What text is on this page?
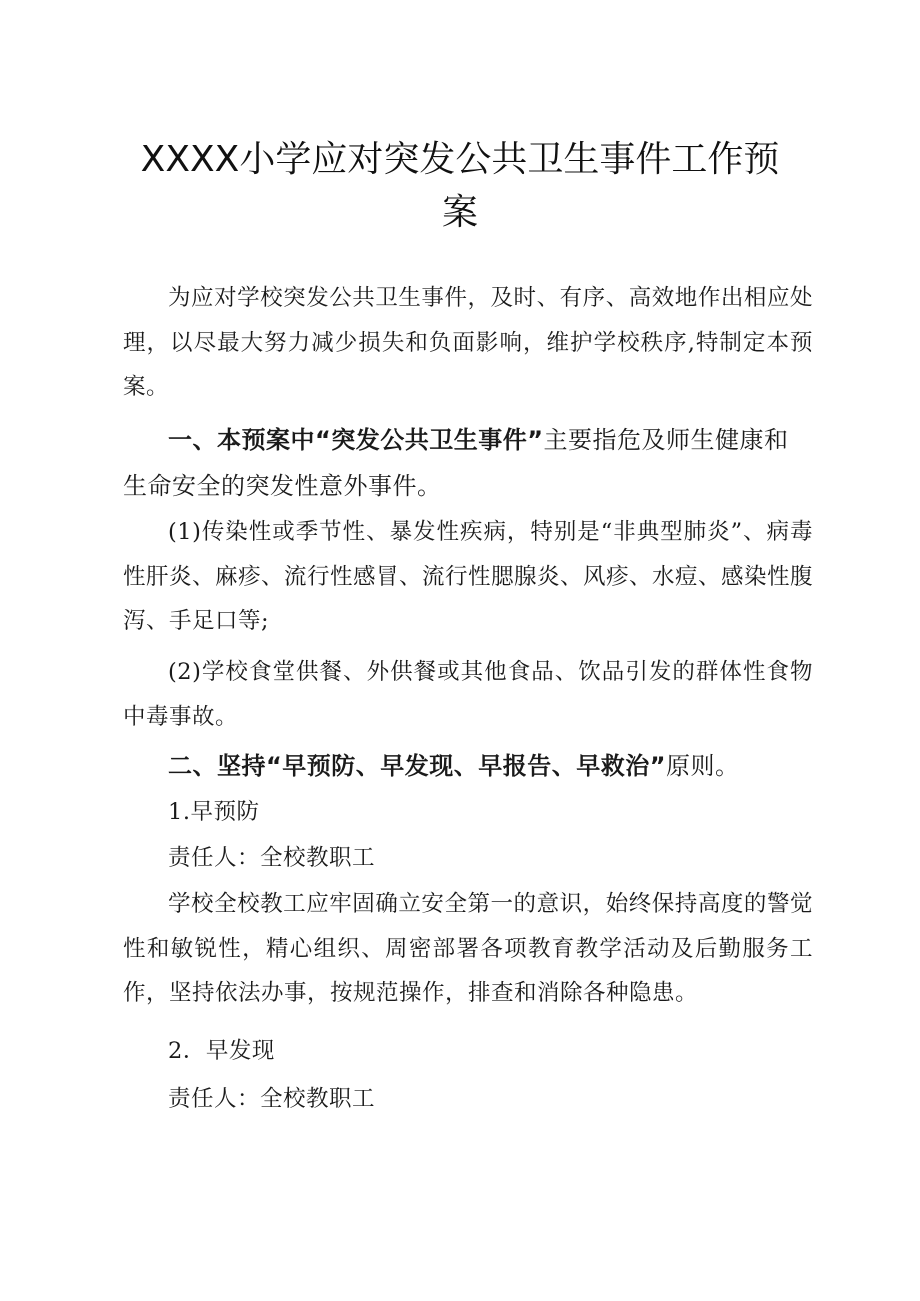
XXXX小学应对突发公共卫生事件工作预案

为应对学校突发公共卫生事件，及时、有序、高效地作出相应处理，以尽最大努力减少损失和负面影响，维护学校秩序,特制定本预案。

一、本预案中“突发公共卫生事件”主要指危及师生健康和生命安全的突发性意外事件。

(1)传染性或季节性、暴发性疾病，特别是“非典型肺炎”、病毒性肝炎、麻疹、流行性感冒、流行性腮腺炎、风疹、水痘、感染性腹泻、手足口等;

(2)学校食堂供餐、外供餐或其他食品、饮品引发的群体性食物中毒事故。

二、坚持“早预防、早发现、早报告、早救治”原则。

1.早预防

责任人：全校教职工

学校全校教工应牢固确立安全第一的意识，始终保持高度的警觉性和敏锐性，精心组织、周密部署各项教育教学活动及后勤服务工作，坚持依法办事，按规范操作，排查和消除各种隐患。

2．早发现

责任人：全校教职工
